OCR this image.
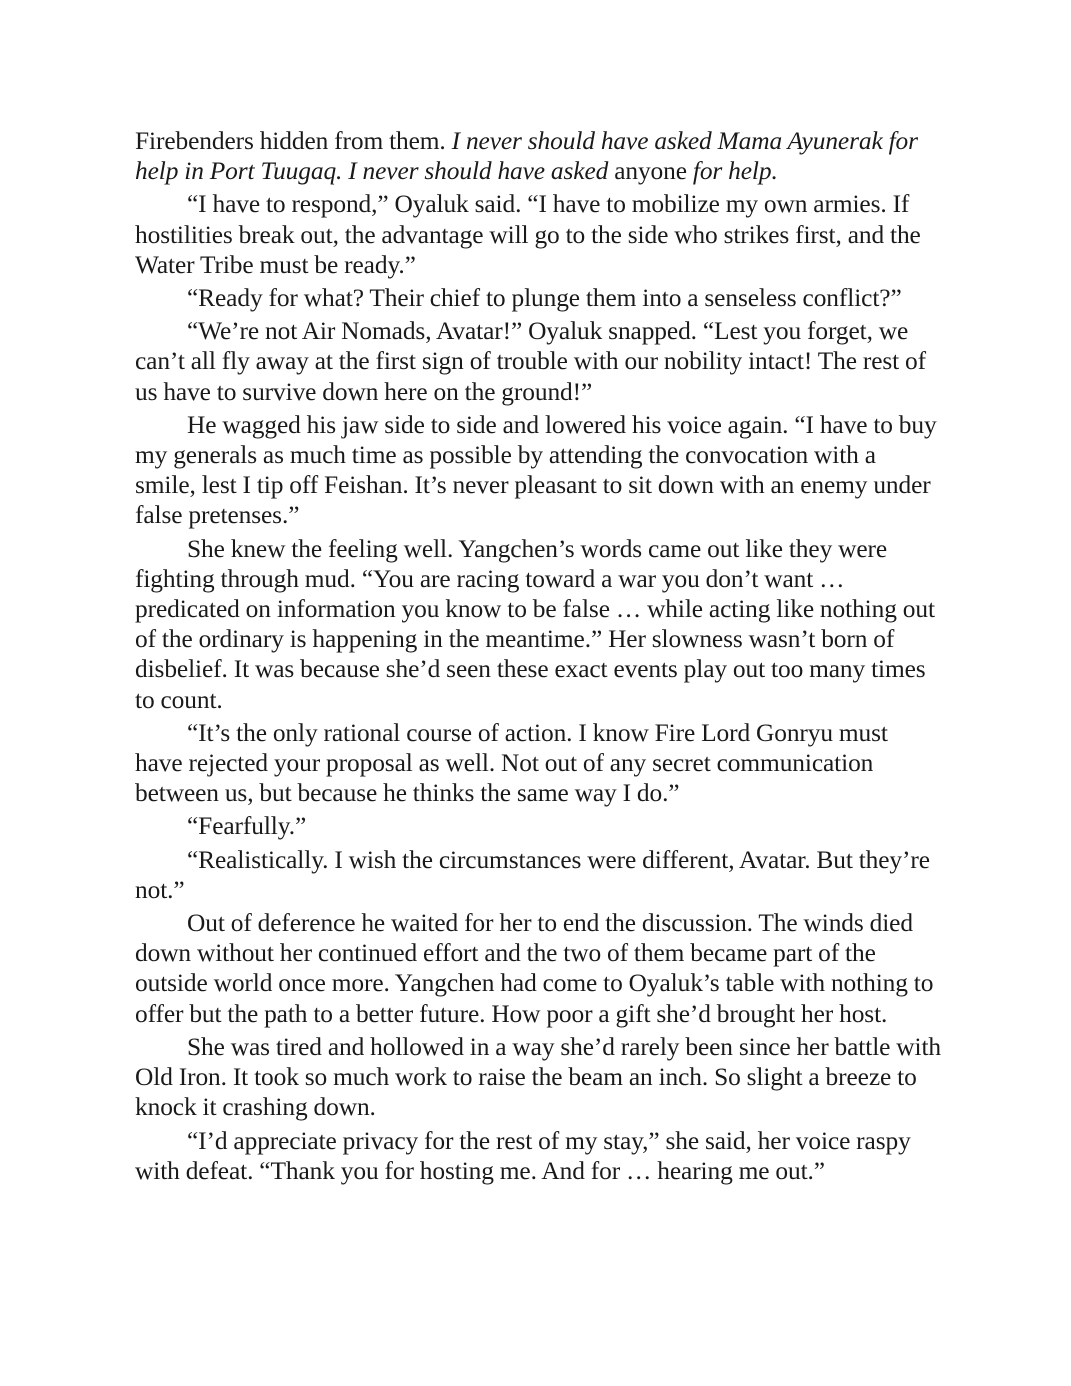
Firebenders hidden from them. I never should have asked Mama Ayunerak for help in Port Tuugaq. I never should have asked anyone for help.

“I have to respond,” Oyaluk said. “I have to mobilize my own armies. If hostilities break out, the advantage will go to the side who strikes first, and the Water Tribe must be ready.”

“Ready for what? Their chief to plunge them into a senseless conflict?”

“We’re not Air Nomads, Avatar!” Oyaluk snapped. “Lest you forget, we can’t all fly away at the first sign of trouble with our nobility intact! The rest of us have to survive down here on the ground!”

He wagged his jaw side to side and lowered his voice again. “I have to buy my generals as much time as possible by attending the convocation with a smile, lest I tip off Feishan. It’s never pleasant to sit down with an enemy under false pretenses.”

She knew the feeling well. Yangchen’s words came out like they were fighting through mud. “You are racing toward a war you don’t want … predicated on information you know to be false … while acting like nothing out of the ordinary is happening in the meantime.” Her slowness wasn’t born of disbelief. It was because she’d seen these exact events play out too many times to count.

“It’s the only rational course of action. I know Fire Lord Gonryu must have rejected your proposal as well. Not out of any secret communication between us, but because he thinks the same way I do.”

“Fearfully.”

“Realistically. I wish the circumstances were different, Avatar. But they’re not.”

Out of deference he waited for her to end the discussion. The winds died down without her continued effort and the two of them became part of the outside world once more. Yangchen had come to Oyaluk’s table with nothing to offer but the path to a better future. How poor a gift she’d brought her host.

She was tired and hollowed in a way she’d rarely been since her battle with Old Iron. It took so much work to raise the beam an inch. So slight a breeze to knock it crashing down.

“I’d appreciate privacy for the rest of my stay,” she said, her voice raspy with defeat. “Thank you for hosting me. And for … hearing me out.”
